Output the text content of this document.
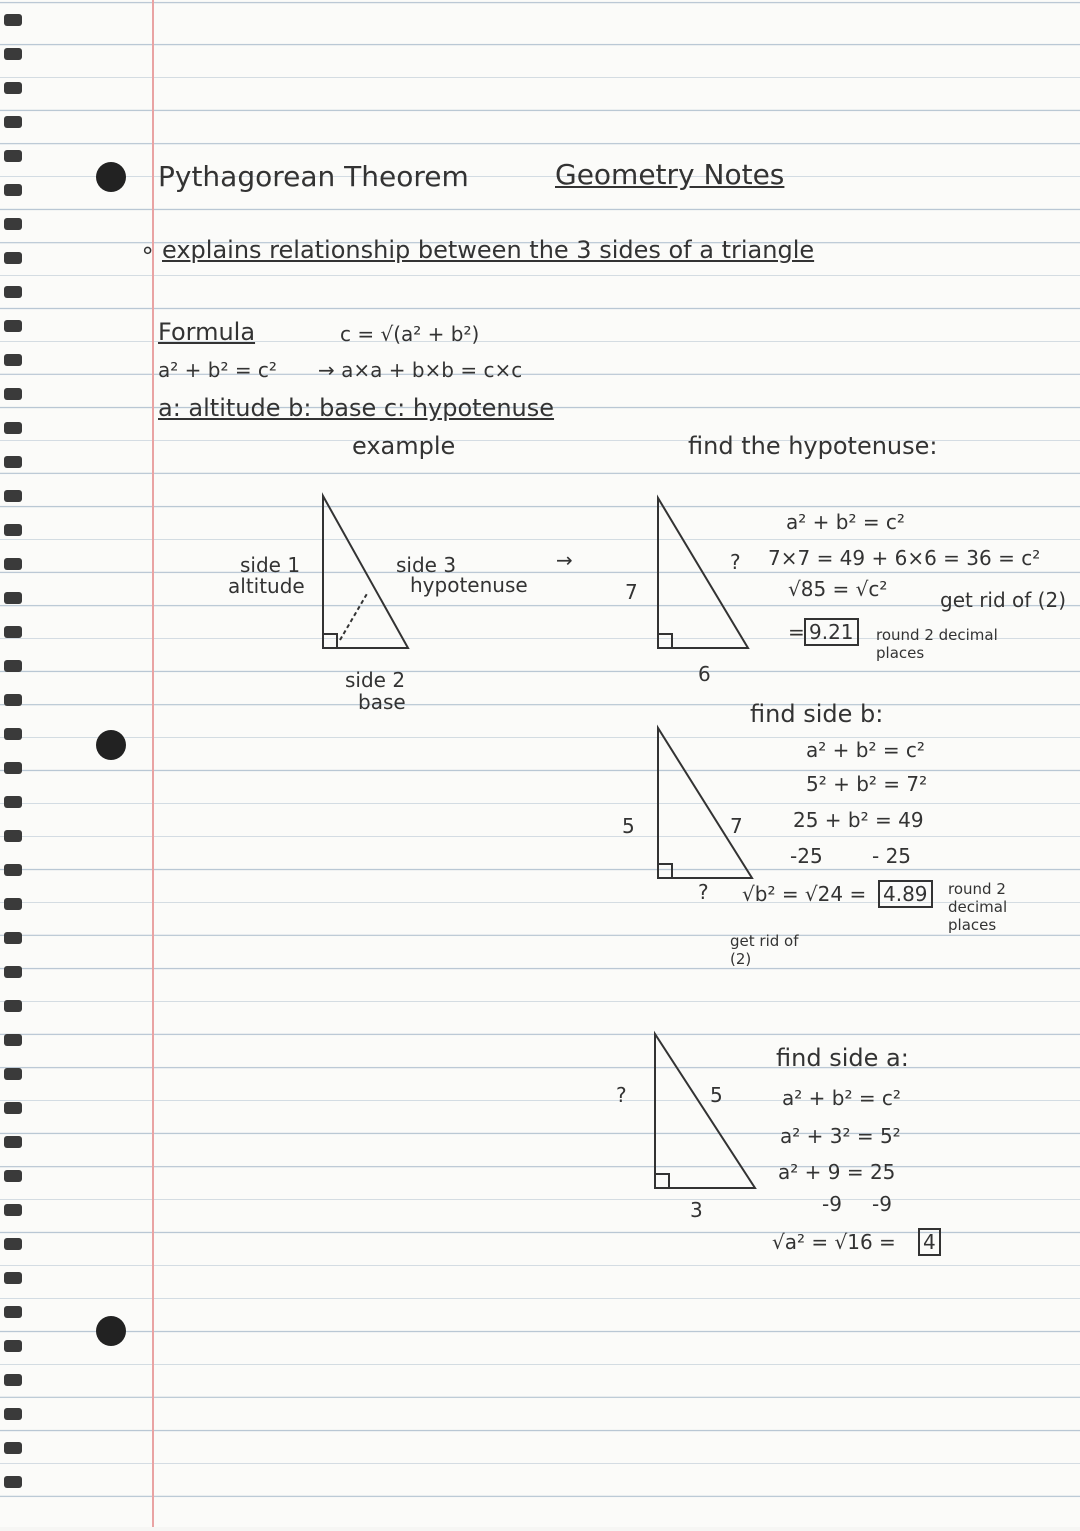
Pythagorean Theorem	Geometry Notes
∘ explains relationship between the 3 sides of a triangle
Formula	c = √(a² + b²)
a² + b² = c² → a×a + b×b = c×c
a: altitude b: base c: hypotenuse
example
side 1
altitude
side 3
hypotenuse
side 2
base
→
find the hypotenuse:
7
6
?
a² + b² = c²
7×7 = 49 + 6×6 = 36 = c²
√85 = √c²	get rid of (2)
= 9.21	round 2 decimal places
find side b:
5	7
?
a² + b² = c²
5² + b² = 7²
25 + b² = 49
-25 - 25
√b² = √24 = 4.89	round 2 decimal places
get rid of (2)
find side a:
?	5
3
a² + b² = c²
a² + 3² = 5²
a² + 9 = 25
-9 -9
√a² = √16 = 4
